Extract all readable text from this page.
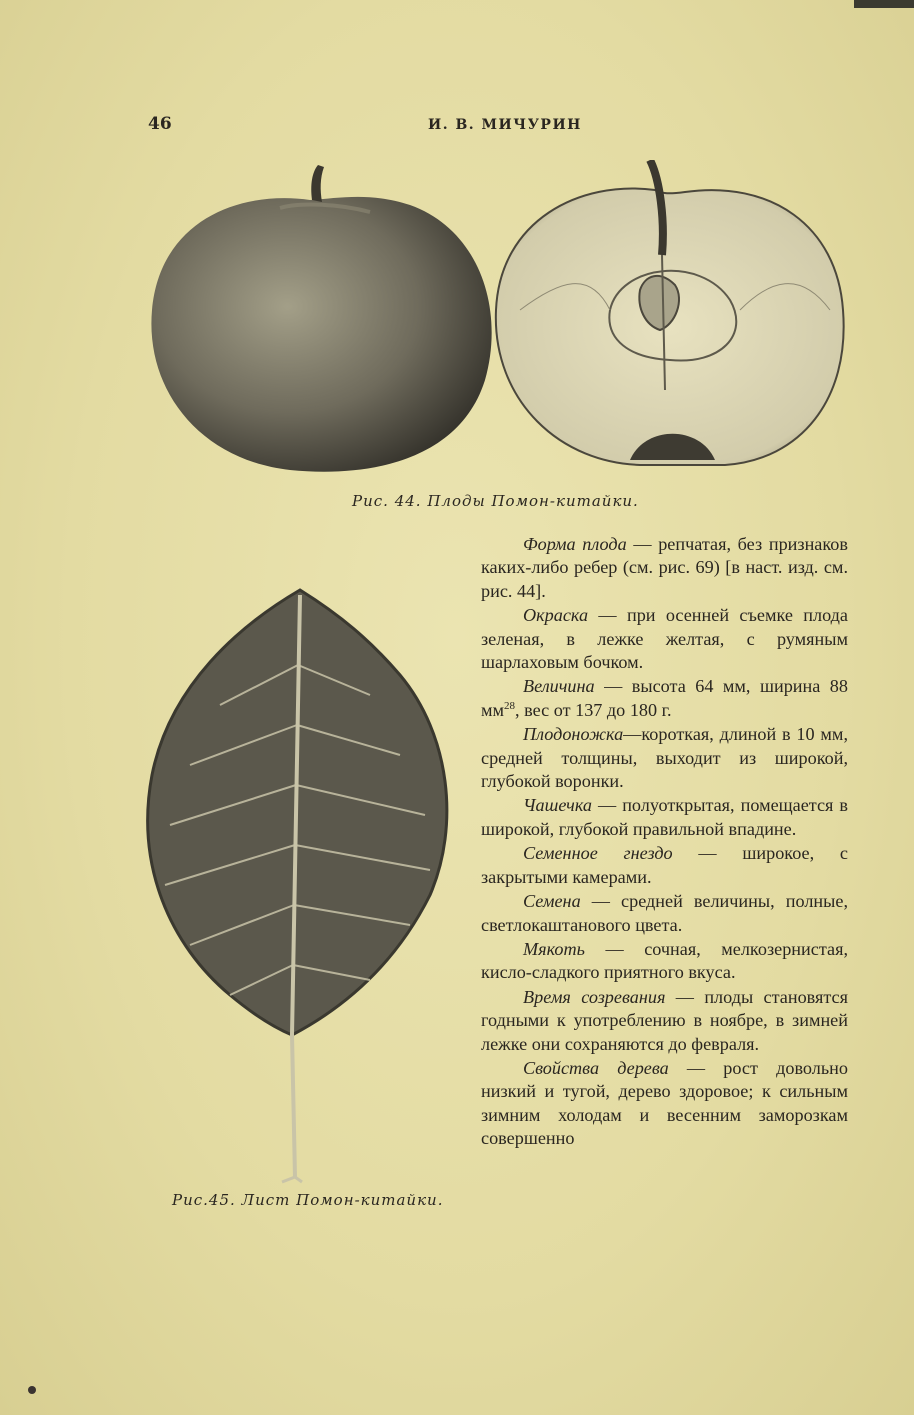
46	И. В. МИЧУРИН
Рис. 44. Плоды Помон-китайки.
Рис.45. Лист Помон-китайки.

Форма плода — репчатая, без признаков каких-либо ребер (см. рис. 69) [в наст. изд. см. рис. 44].

Окраска — при осенней съемке плода зеленая, в лежке желтая, с румяным шарлаховым бочком.

Величина — высота 64 мм, ширина 88 $мм^{28}$, вес от 137 до 180 г.

Плодоножка—короткая, длиной в 10 мм, средней толщины, выходит из широкой, глубокой воронки.

Чашечка — полуоткрытая, помещается в широкой, глубокой правильной впадине.

Семенное гнездо — широкое, с закрытыми камерами.

Семена — средней величины, полные, светлокаштанового цвета.

Мякоть — сочная, мелкозернистая, кисло-сладкого приятного вкуса.

Время созревания — плоды становятся годными к употреблению в ноябре, в зимней лежке они сохраняются до февраля.

Свойства дерева — рост довольно низкий и тугой, дерево здоровое; к сильным зимним холодам и весенним заморозкам совершенно
